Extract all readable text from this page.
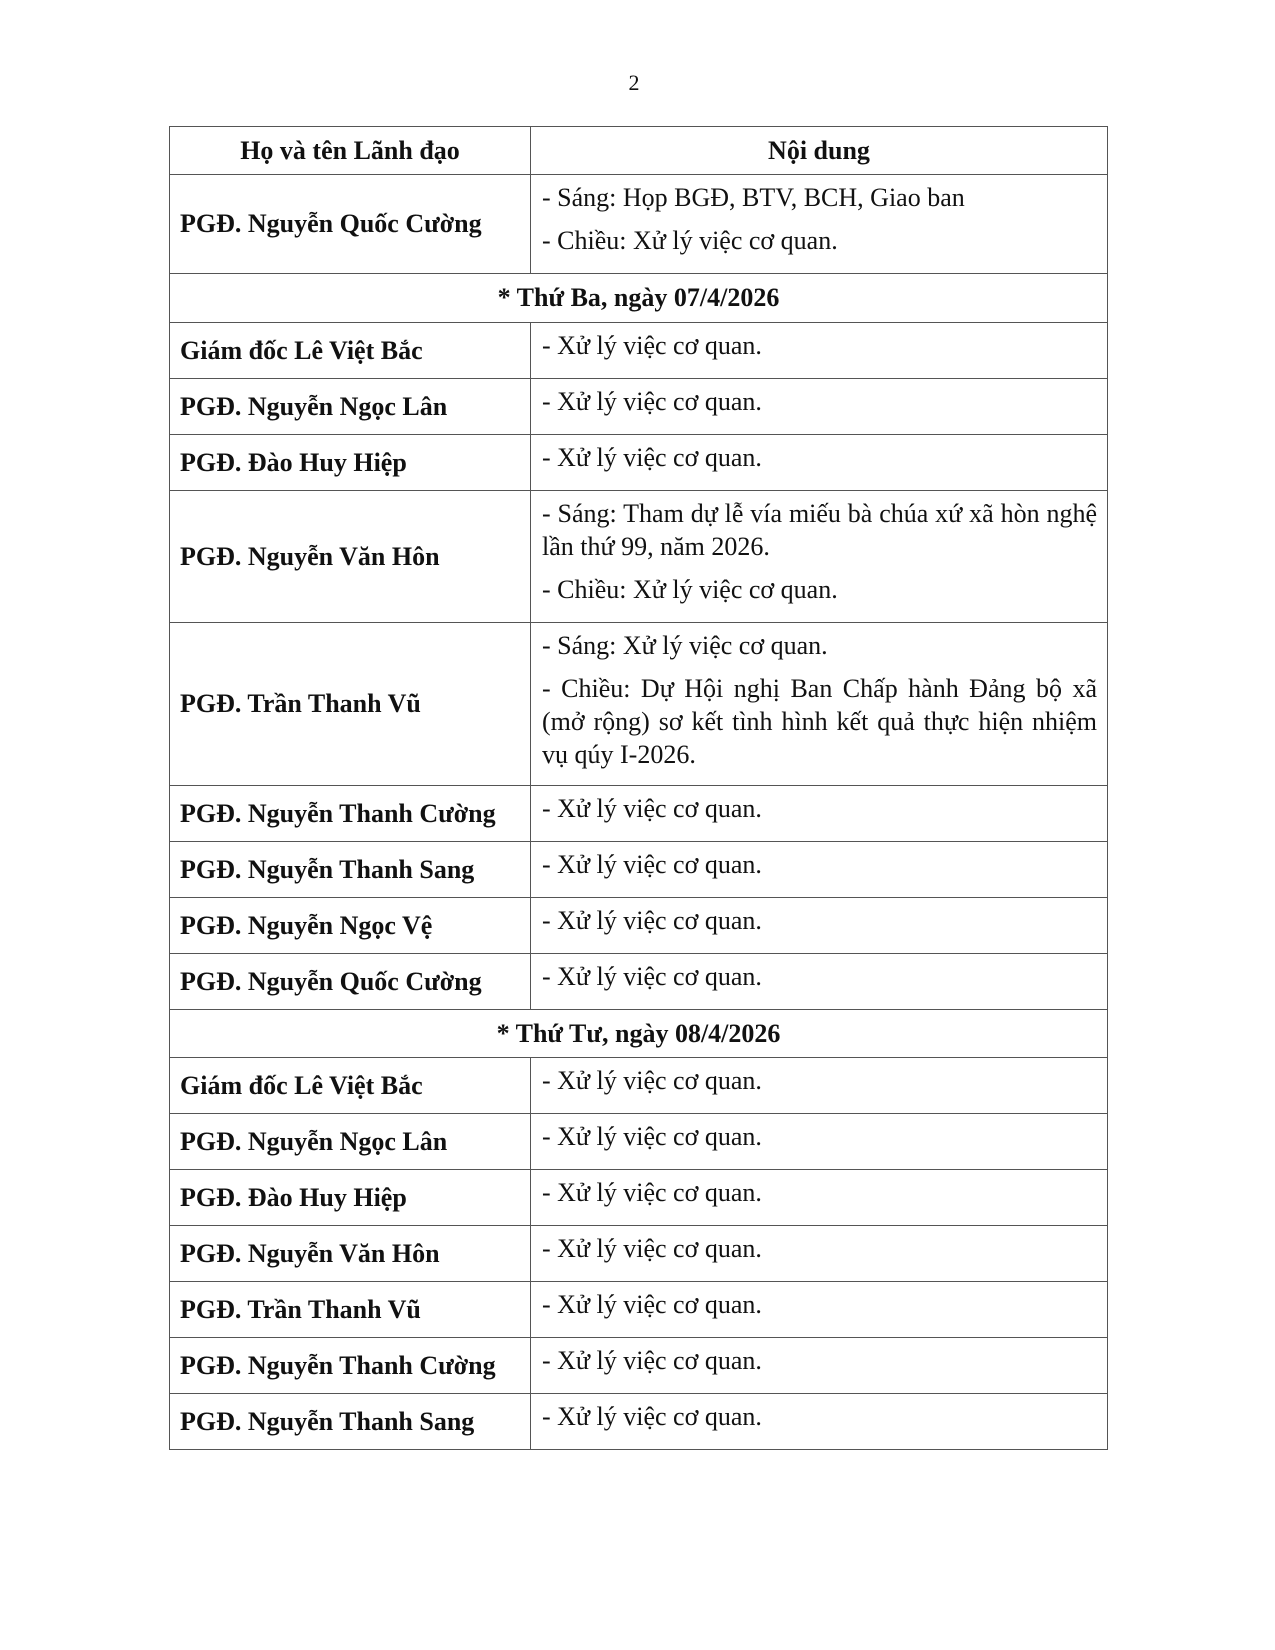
2
Họ và tên Lãnh đạo	Nội dung
PGĐ. Nguyễn Quốc Cường	- Sáng: Họp BGĐ, BTV, BCH, Giao ban

- Chiều: Xử lý việc cơ quan.

* Thứ Ba, ngày 07/4/2026	
Giám đốc Lê Việt Bắc	- Xử lý việc cơ quan.

PGĐ. Nguyễn Ngọc Lân	- Xử lý việc cơ quan.

PGĐ. Đào Huy Hiệp	- Xử lý việc cơ quan.

PGĐ. Nguyễn Văn Hôn	- Sáng: Tham dự lễ vía miếu bà chúa xứ xã hòn nghệ lần thứ 99, năm 2026.

- Chiều: Xử lý việc cơ quan.

PGĐ. Trần Thanh Vũ	- Sáng: Xử lý việc cơ quan.

- Chiều: Dự Hội nghị Ban Chấp hành Đảng bộ xã (mở rộng) sơ kết tình hình kết quả thực hiện nhiệm vụ qúy I-2026.

PGĐ. Nguyễn Thanh Cường	- Xử lý việc cơ quan.

PGĐ. Nguyễn Thanh Sang	- Xử lý việc cơ quan.

PGĐ. Nguyễn Ngọc Vệ	- Xử lý việc cơ quan.

PGĐ. Nguyễn Quốc Cường	- Xử lý việc cơ quan.

* Thứ Tư, ngày 08/4/2026	
Giám đốc Lê Việt Bắc	- Xử lý việc cơ quan.

PGĐ. Nguyễn Ngọc Lân	- Xử lý việc cơ quan.

PGĐ. Đào Huy Hiệp	- Xử lý việc cơ quan.

PGĐ. Nguyễn Văn Hôn	- Xử lý việc cơ quan.

PGĐ. Trần Thanh Vũ	- Xử lý việc cơ quan.

PGĐ. Nguyễn Thanh Cường	- Xử lý việc cơ quan.

PGĐ. Nguyễn Thanh Sang	- Xử lý việc cơ quan.
